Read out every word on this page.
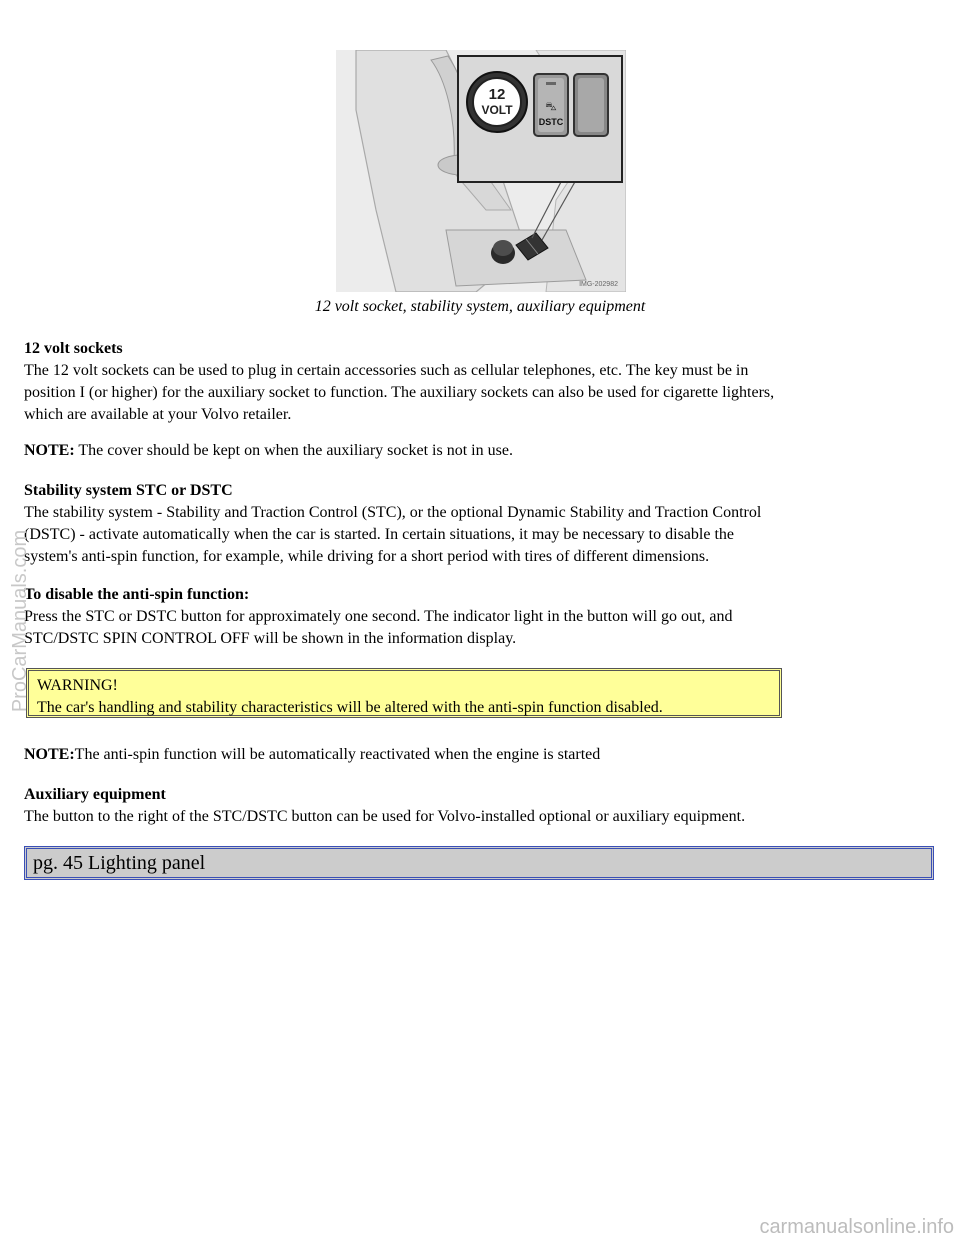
12
VOLT	⛍
DSTC
IMG-202982
12 volt socket, stability system, auxiliary equipment
12 volt sockets
The 12 volt sockets can be used to plug in certain accessories such as cellular telephones, etc. The key must be in
position I (or higher) for the auxiliary socket to function. The auxiliary sockets can also be used for cigarette lighters,
which are available at your Volvo retailer.
NOTE: The cover should be kept on when the auxiliary socket is not in use.
Stability system STC or DSTC
The stability system - Stability and Traction Control (STC), or the optional Dynamic Stability and Traction Control
(DSTC) - activate automatically when the car is started. In certain situations, it may be necessary to disable the
system's anti-spin function, for example, while driving for a short period with tires of different dimensions.
To disable the anti-spin function:
Press the STC or DSTC button for approximately one second. The indicator light in the button will go out, and
STC/DSTC SPIN CONTROL OFF will be shown in the information display.
WARNING!
The car's handling and stability characteristics will be altered with the anti-spin function disabled.
NOTE:The anti-spin function will be automatically reactivated when the engine is started
Auxiliary equipment
The button to the right of the STC/DSTC button can be used for Volvo-installed optional or auxiliary equipment.
pg. 45 Lighting panel
ProCarManuals.com
carmanualsonline.info
